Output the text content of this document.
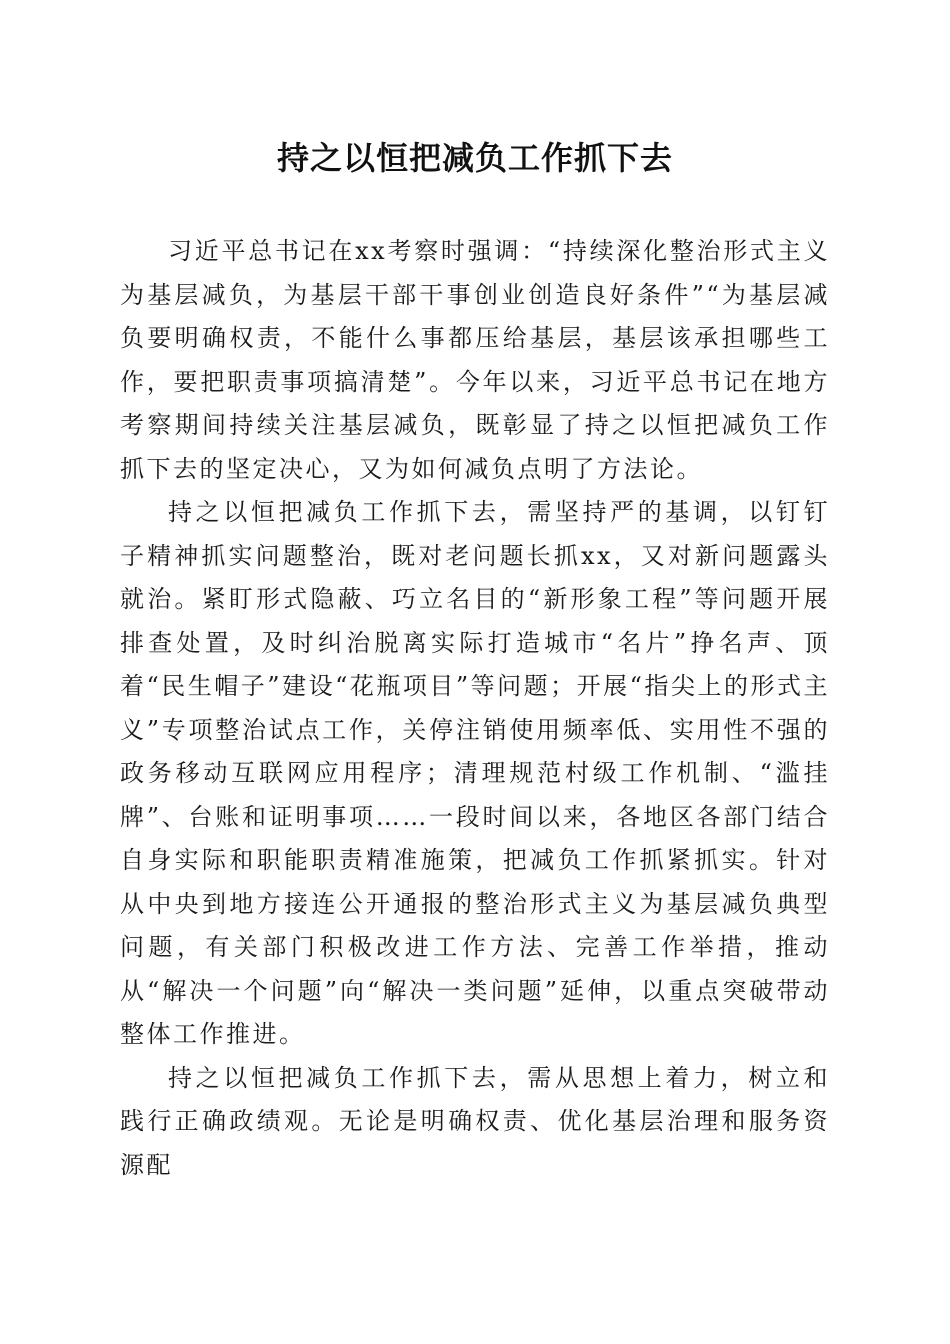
持之以恒把减负工作抓下去

习近平总书记在xx考察时强调：“持续深化整治形式主义为基层减负，为基层干部干事创业创造良好条件”“为基层减负要明确权责，不能什么事都压给基层，基层该承担哪些工作，要把职责事项搞清楚”。今年以来，习近平总书记在地方考察期间持续关注基层减负，既彰显了持之以恒把减负工作抓下去的坚定决心，又为如何减负点明了方法论。

持之以恒把减负工作抓下去，需坚持严的基调，以钉钉子精神抓实问题整治，既对老问题长抓xx，又对新问题露头就治。紧盯形式隐蔽、巧立名目的“新形象工程”等问题开展排查处置，及时纠治脱离实际打造城市“名片”挣名声、顶着“民生帽子”建设“花瓶项目”等问题；开展“指尖上的形式主义”专项整治试点工作，关停注销使用频率低、实用性不强的政务移动互联网应用程序；清理规范村级工作机制、“滥挂牌”、台账和证明事项……一段时间以来，各地区各部门结合自身实际和职能职责精准施策，把减负工作抓紧抓实。针对从中央到地方接连公开通报的整治形式主义为基层减负典型问题，有关部门积极改进工作方法、完善工作举措，推动从“解决一个问题”向“解决一类问题”延伸，以重点突破带动整体工作推进。

持之以恒把减负工作抓下去，需从思想上着力，树立和践行正确政绩观。无论是明确权责、优化基层治理和服务资源配
